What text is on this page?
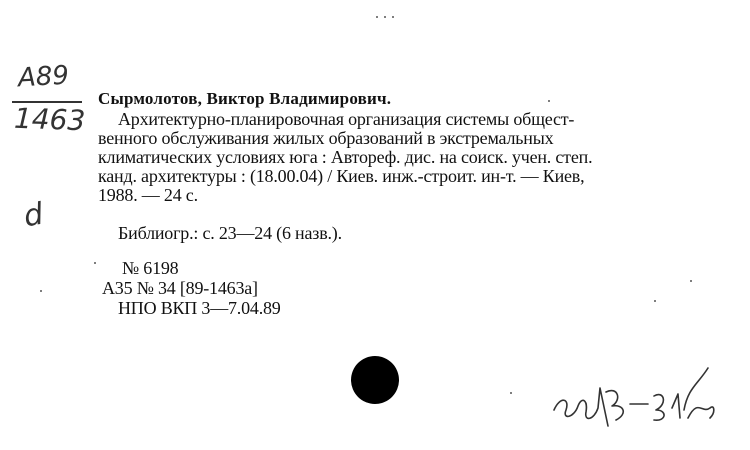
A89
1463
d
Сырмолотов, Виктор Владимирович.
Архитектурно-планировочная организация системы общест-
венного обслуживания жилых образований в экстремальных
климатических условиях юга : Автореф. дис. на соиск. учен. степ.
канд. архитектуры : (18.00.04) / Киев. инж.-строит. ин-т. — Киев,
1988. — 24 с.
Библиогр.: с. 23—24 (6 назв.).
№ 6198
А35 № 34 [89-1463а]
НПО ВКП 3—7.04.89
